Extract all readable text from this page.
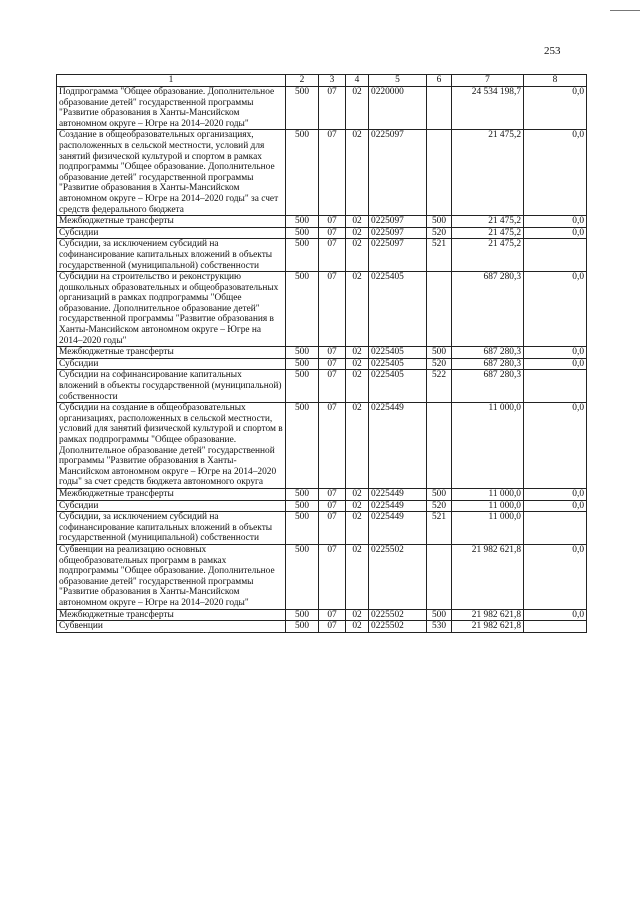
253
1	2	3	4	5	6	7	8
Подпрограмма "Общее образование. Дополнительное образование детей" государственной программы "Развитие образования в Ханты-Мансийском автономном округе – Югре на 2014–2020 годы"	500	07	02	0220000		24 534 198,7	0,0
Создание в общеобразовательных организациях, расположенных в сельской местности, условий для занятий физической культурой и спортом в рамках подпрограммы "Общее образование. Дополнительное образование детей" государственной программы "Развитие образования в Ханты-Мансийском автономном округе – Югре на 2014–2020 годы" за счет средств федерального бюджета	500	07	02	0225097		21 475,2	0,0
Межбюджетные трансферты	500	07	02	0225097	500	21 475,2	0,0
Субсидии	500	07	02	0225097	520	21 475,2	0,0
Субсидии, за исключением субсидий на софинансирование капитальных вложений в объекты государственной (муниципальной) собственности	500	07	02	0225097	521	21 475,2	
Субсидии на строительство и реконструкцию дошкольных образовательных и общеобразовательных организаций в рамках подпрограммы "Общее образование. Дополнительное образование детей" государственной программы "Развитие образования в Ханты-Мансийском автономном округе – Югре на 2014–2020 годы"	500	07	02	0225405		687 280,3	0,0
Межбюджетные трансферты	500	07	02	0225405	500	687 280,3	0,0
Субсидии	500	07	02	0225405	520	687 280,3	0,0
Субсидии на софинансирование капитальных вложений в объекты государственной (муниципальной) собственности	500	07	02	0225405	522	687 280,3	
Субсидии на создание в общеобразовательных организациях, расположенных в сельской местности, условий для занятий физической культурой и спортом в рамках подпрограммы "Общее образование. Дополнительное образование детей" государственной программы "Развитие образования в Ханты-Мансийском автономном округе – Югре на 2014–2020 годы" за счет средств бюджета автономного округа	500	07	02	0225449		11 000,0	0,0
Межбюджетные трансферты	500	07	02	0225449	500	11 000,0	0,0
Субсидии	500	07	02	0225449	520	11 000,0	0,0
Субсидии, за исключением субсидий на софинансирование капитальных вложений в объекты государственной (муниципальной) собственности	500	07	02	0225449	521	11 000,0	
Субвенции на реализацию основных общеобразовательных программ в рамках подпрограммы "Общее образование. Дополнительное образование детей" государственной программы "Развитие образования в Ханты-Мансийском автономном округе – Югре на 2014–2020 годы"	500	07	02	0225502		21 982 621,8	0,0
Межбюджетные трансферты	500	07	02	0225502	500	21 982 621,8	0,0
Субвенции	500	07	02	0225502	530	21 982 621,8	
